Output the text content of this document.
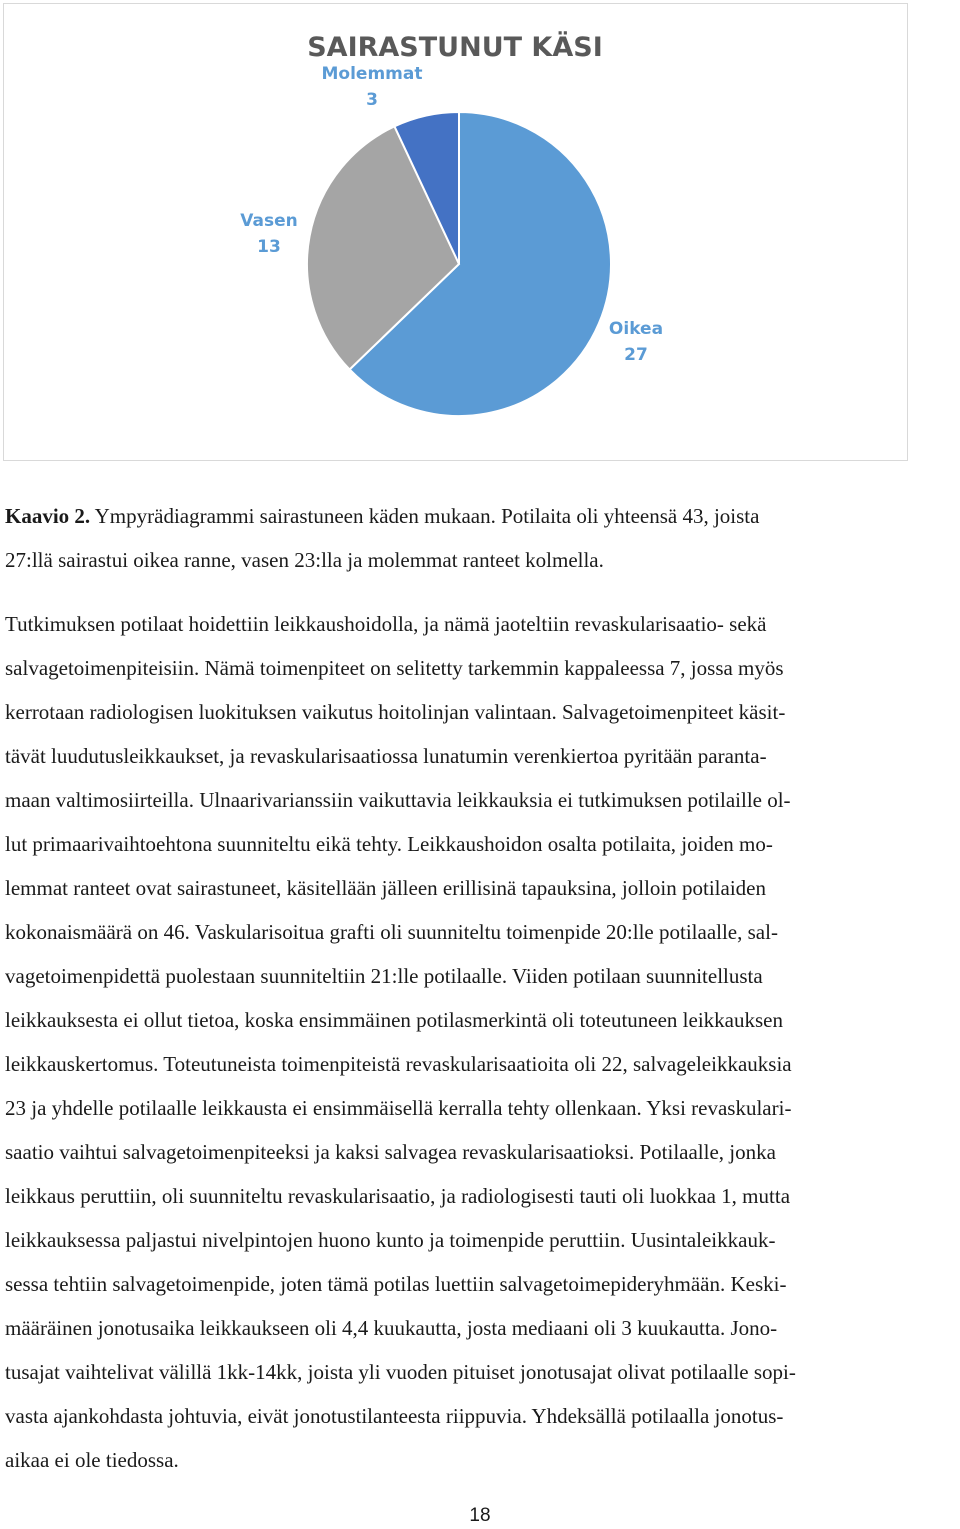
SAIRASTUNUT KÄSI
Oikea
27
Vasen
13
Molemmat
3
Kaavio 2. Ympyrädiagrammi sairastuneen käden mukaan. Potilaita oli yhteensä 43, joista
27:llä sairastui oikea ranne, vasen 23:lla ja molemmat ranteet kolmella.

Tutkimuksen potilaat hoidettiin leikkaushoidolla, ja nämä jaoteltiin revaskularisaatio- sekä

salvagetoimenpiteisiin. Nämä toimenpiteet on selitetty tarkemmin kappaleessa 7, jossa myös

kerrotaan radiologisen luokituksen vaikutus hoitolinjan valintaan. Salvagetoimenpiteet käsit-

tävät luudutusleikkaukset, ja revaskularisaatiossa lunatumin verenkiertoa pyritään paranta-

maan valtimosiirteilla. Ulnaarivarianssiin vaikuttavia leikkauksia ei tutkimuksen potilaille ol-

lut primaarivaihtoehtona suunniteltu eikä tehty. Leikkaushoidon osalta potilaita, joiden mo-

lemmat ranteet ovat sairastuneet, käsitellään jälleen erillisinä tapauksina, jolloin potilaiden

kokonaismäärä on 46. Vaskularisoitua grafti oli suunniteltu toimenpide 20:lle potilaalle, sal-

vagetoimenpidettä puolestaan suunniteltiin 21:lle potilaalle. Viiden potilaan suunnitellusta

leikkauksesta ei ollut tietoa, koska ensimmäinen potilasmerkintä oli toteutuneen leikkauksen

leikkauskertomus. Toteutuneista toimenpiteistä revaskularisaatioita oli 22, salvageleikkauksia

23 ja yhdelle potilaalle leikkausta ei ensimmäisellä kerralla tehty ollenkaan. Yksi revaskulari-

saatio vaihtui salvagetoimenpiteeksi ja kaksi salvagea revaskularisaatioksi. Potilaalle, jonka

leikkaus peruttiin, oli suunniteltu revaskularisaatio, ja radiologisesti tauti oli luokkaa 1, mutta

leikkauksessa paljastui nivelpintojen huono kunto ja toimenpide peruttiin. Uusintaleikkauk-

sessa tehtiin salvagetoimenpide, joten tämä potilas luettiin salvagetoimepideryhmään. Keski-

määräinen jonotusaika leikkaukseen oli 4,4 kuukautta, josta mediaani oli 3 kuukautta. Jono-

tusajat vaihtelivat välillä 1kk-14kk, joista yli vuoden pituiset jonotusajat olivat potilaalle sopi-

vasta ajankohdasta johtuvia, eivät jonotustilanteesta riippuvia. Yhdeksällä potilaalla jonotus-

aikaa ei ole tiedossa.

18
